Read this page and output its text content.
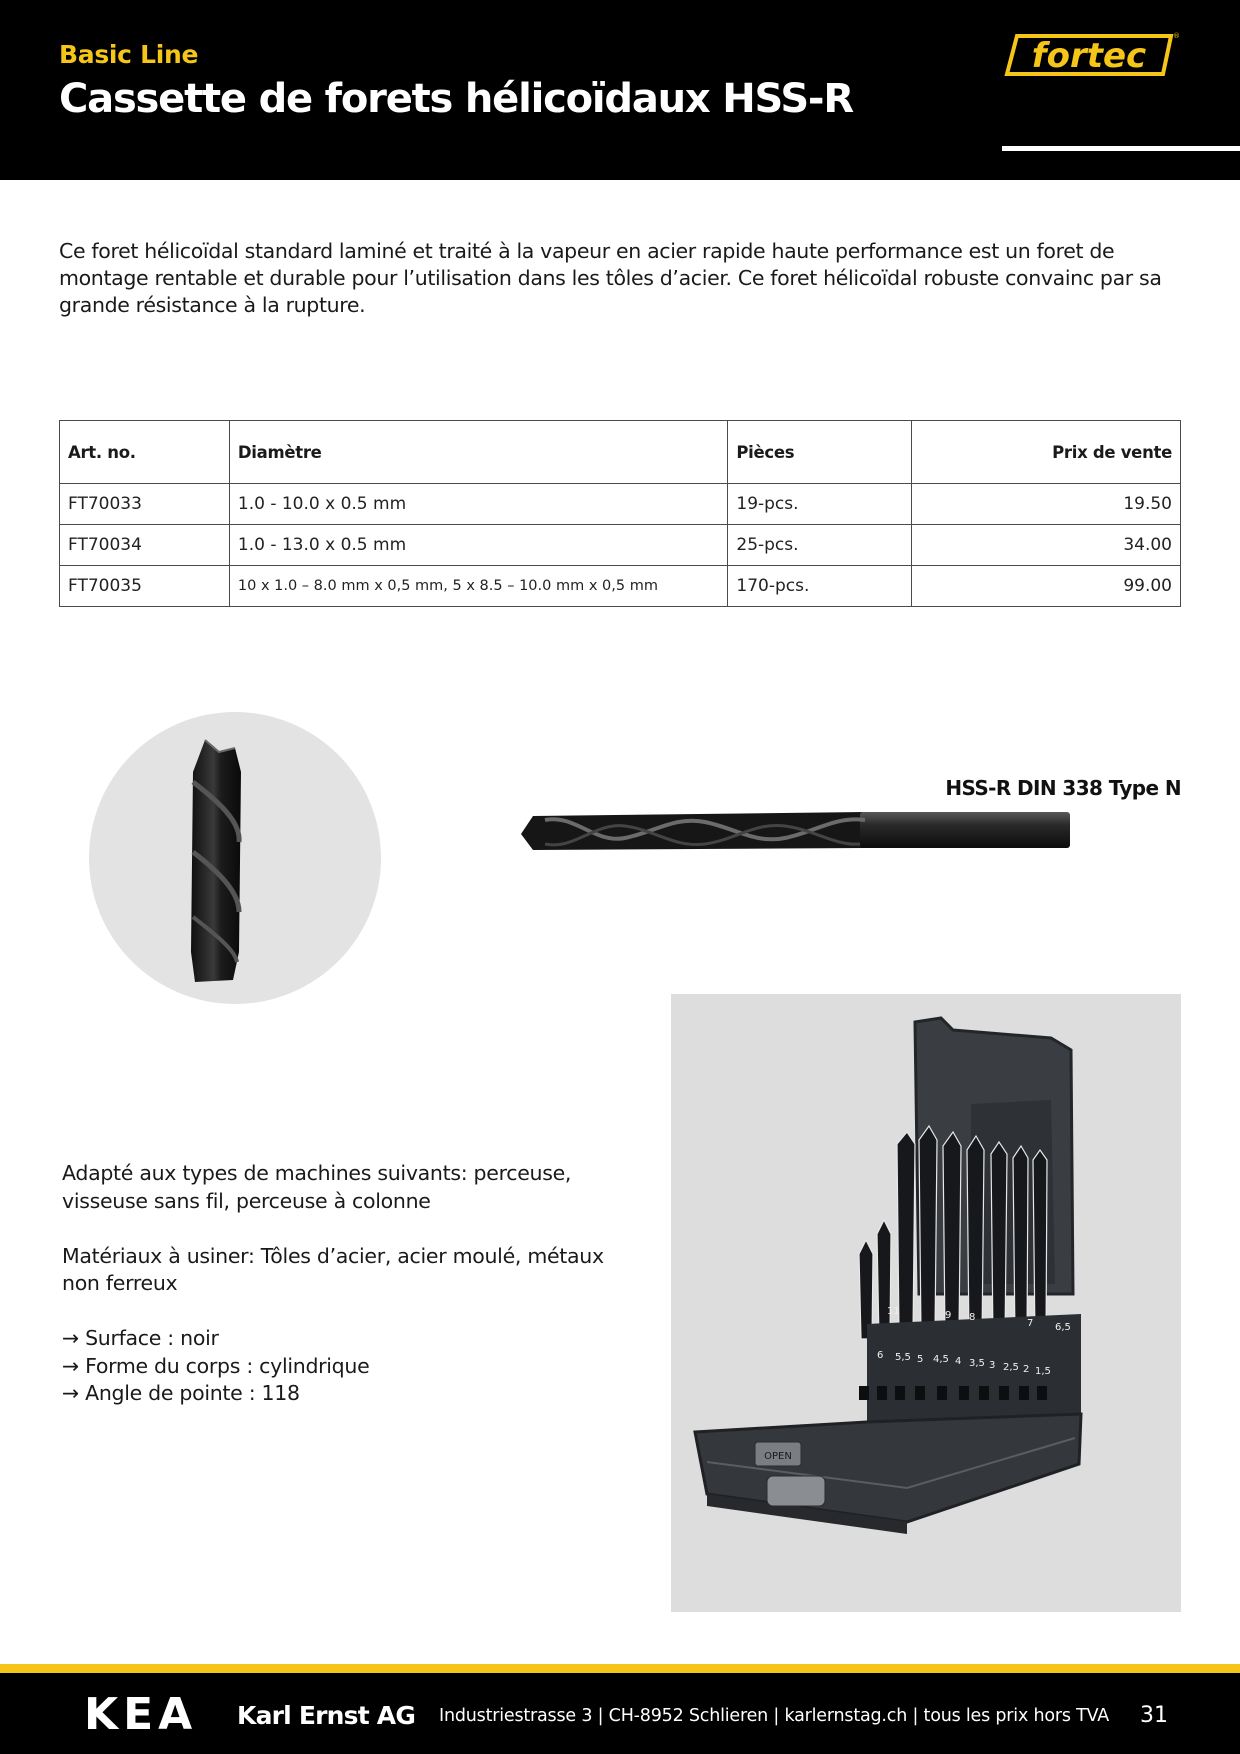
Basic Line
Cassette de forets hélicoïdaux HSS-R
fortec	®

Ce foret hélicoïdal standard laminé et traité à la vapeur en acier rapide haute performance est un foret de montage rentable et durable pour l’utilisation dans les tôles d’acier. Ce foret hélicoïdal robuste convainc par sa grande résistance à la rupture.

Art. no.	Diamètre	Pièces	Prix de vente
FT70033	1.0 - 10.0 x 0.5 mm	19-pcs.	19.50
FT70034	1.0 - 13.0 x 0.5 mm	25-pcs.	34.00
FT70035	10 x 1.0 – 8.0 mm x 0,5 mm, 5 x 8.5 – 10.0 mm x 0,5 mm	170-pcs.	99.00
HSS-R DIN 338 Type N
6 5,5 5 4,5 4 3,5 3 2,5 2 1,5
11	9 8
7 6,5
OPEN

Adapté aux types de machines suivants: perceuse, visseuse sans fil, perceuse à colonne

Matériaux à usiner: Tôles d’acier, acier moulé, métaux non ferreux

→ Surface : noir
→ Forme du corps : cylindrique
→ Angle de pointe : 118
KEA Karl Ernst AG Industriestrasse 3 | CH-8952 Schlieren | karlernstag.ch | tous les prix hors TVA 31
